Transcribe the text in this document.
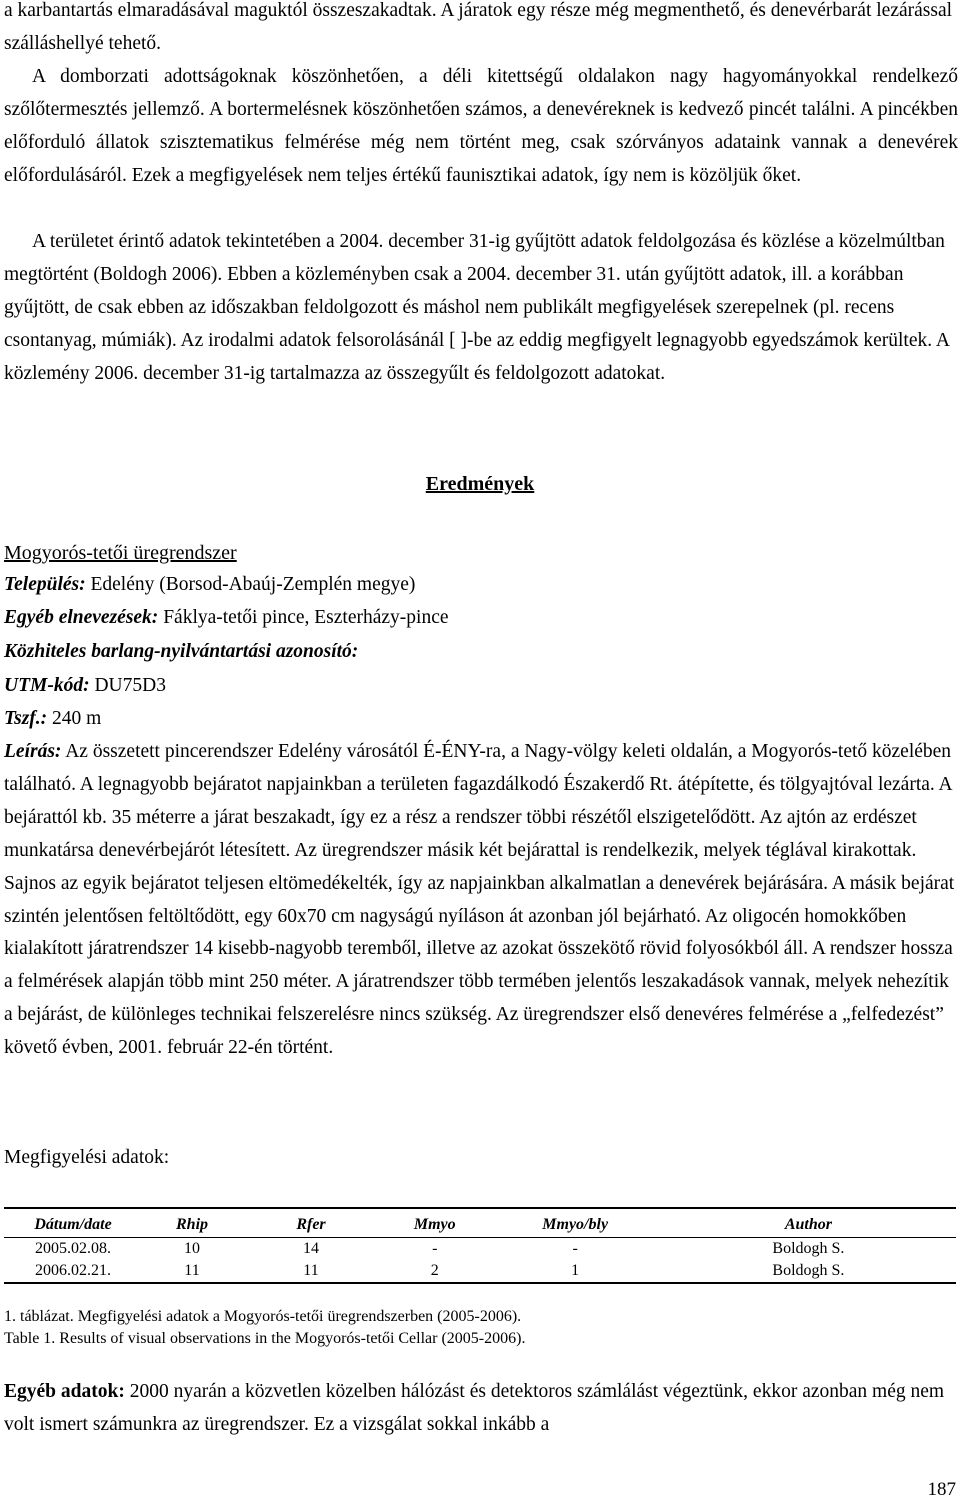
a karbantartás elmaradásával maguktól összeszakadtak. A járatok egy része még megmenthető, és denevérbarát lezárással szálláshellyé tehető.

A domborzati adottságoknak köszönhetően, a déli kitettségű oldalakon nagy hagyományokkal rendelkező szőlőtermesztés jellemző. A bortermelésnek köszönhetően számos, a denevéreknek is kedvező pincét találni. A pincékben előforduló állatok szisztematikus felmérése még nem történt meg, csak szórványos adataink vannak a denevérek előfordulásáról. Ezek a megfigyelések nem teljes értékű faunisztikai adatok, így nem is közöljük őket.

A területet érintő adatok tekintetében a 2004. december 31-ig gyűjtött adatok feldolgozása és közlése a közelmúltban megtörtént (Boldogh 2006). Ebben a közleményben csak a 2004. december 31. után gyűjtött adatok, ill. a korábban gyűjtött, de csak ebben az időszakban feldolgozott és máshol nem publikált megfigyelések szerepelnek (pl. recens csontanyag, múmiák). Az irodalmi adatok felsorolásánál [ ]-be az eddig megfigyelt legnagyobb egyedszámok kerültek. A közlemény 2006. december 31-ig tartalmazza az összegyűlt és feldolgozott adatokat.

Eredmények
Mogyorós-tetői üregrendszer
Település: Edelény (Borsod-Abaúj-Zemplén megye)
Egyéb elnevezések: Fáklya-tetői pince, Eszterházy-pince
Közhiteles barlang-nyilvántartási azonosító:
UTM-kód: DU75D3
Tszf.: 240 m

Leírás: Az összetett pincerendszer Edelény városától É-ÉNY-ra, a Nagy-völgy keleti oldalán, a Mogyorós-tető közelében található. A legnagyobb bejáratot napjainkban a területen fagazdálkodó Északerdő Rt. átépítette, és tölgyajtóval lezárta. A bejárattól kb. 35 méterre a járat beszakadt, így ez a rész a rendszer többi részétől elszigetelődött. Az ajtón az erdészet munkatársa denevérbejárót létesített. Az üregrendszer másik két bejárattal is rendelkezik, melyek téglával kirakottak. Sajnos az egyik bejáratot teljesen eltömedékelték, így az napjainkban alkalmatlan a denevérek bejárására. A másik bejárat szintén jelentősen feltöltődött, egy 60x70 cm nagyságú nyíláson át azonban jól bejárható. Az oligocén homokkőben kialakított járatrendszer 14 kisebb-nagyobb teremből, illetve az azokat összekötő rövid folyosókból áll. A rendszer hossza a felmérések alapján több mint 250 méter. A járatrendszer több termében jelentős leszakadások vannak, melyek nehezítik a bejárást, de különleges technikai felszerelésre nincs szükség. Az üregrendszer első denevéres felmérése a „felfedezést” követő évben, 2001. február 22-én történt.

Megfigyelési adatok:
Dátum/date	Rhip	Rfer	Mmyo	Mmyo/bly	Author
2005.02.08.	10	14	-	-	Boldogh S.
2006.02.21.	11	11	2	1	Boldogh S.
1. táblázat. Megfigyelési adatok a Mogyorós-tetői üregrendszerben (2005-2006).
Table 1. Results of visual observations in the Mogyorós-tetői Cellar (2005-2006).

Egyéb adatok: 2000 nyarán a közvetlen közelben hálózást és detektoros számlálást végeztünk, ekkor azonban még nem volt ismert számunkra az üregrendszer. Ez a vizsgálat sokkal inkább a

187
